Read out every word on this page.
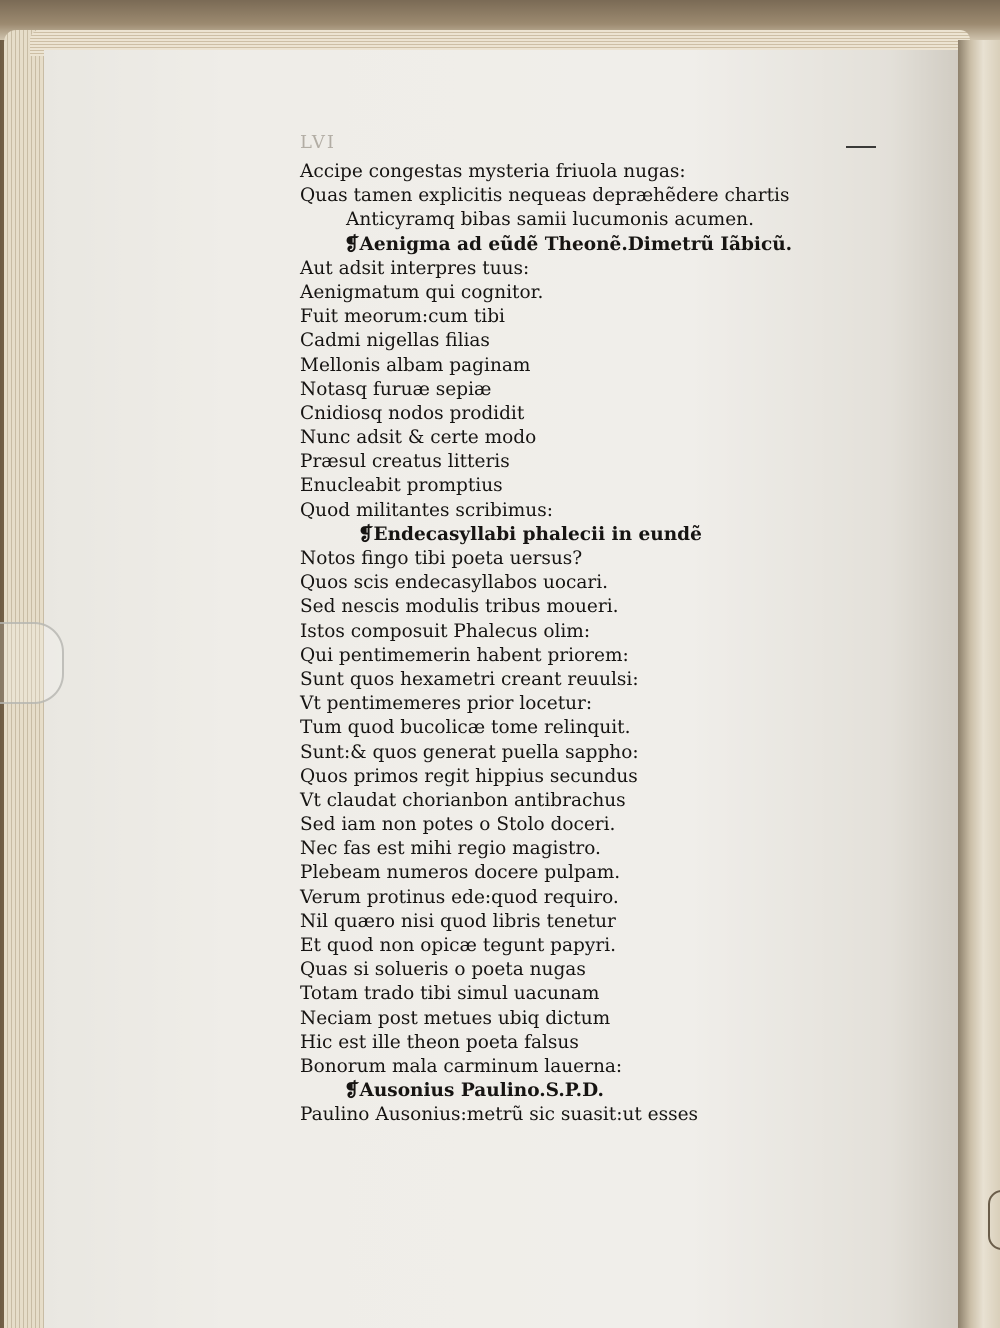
LVI
Accipe congestas mysteria friuola nugas:
Quas tamen explicitis nequeas depræhẽdere chartis
Anticyramq bibas samii lucumonis acumen.
❡Aenigma ad eũdẽ Theonẽ.Dimetrũ Iãbicũ.
Aut adsit interpres tuus:
Aenigmatum qui cognitor.
Fuit meorum:cum tibi
Cadmi nigellas filias
Mellonis albam paginam
Notasq furuæ sepiæ
Cnidiosq nodos prodidit
Nunc adsit & certe modo
Præsul creatus litteris
Enucleabit promptius
Quod militantes scribimus:
❡Endecasyllabi phalecii in eundẽ
Notos fingo tibi poeta uersus?
Quos scis endecasyllabos uocari.
Sed nescis modulis tribus moueri.
Istos composuit Phalecus olim:
Qui pentimemerin habent priorem:
Sunt quos hexametri creant reuulsi:
Vt pentimemeres prior locetur:
Tum quod bucolicæ tome relinquit.
Sunt:& quos generat puella sappho:
Quos primos regit hippius secundus
Vt claudat chorianbon antibrachus
Sed iam non potes o Stolo doceri.
Nec fas est mihi regio magistro.
Plebeam numeros docere pulpam.
Verum protinus ede:quod requiro.
Nil quæro nisi quod libris tenetur
Et quod non opicæ tegunt papyri.
Quas si solueris o poeta nugas
Totam trado tibi simul uacunam
Neciam post metues ubiq dictum
Hic est ille theon poeta falsus
Bonorum mala carminum lauerna:
❡Ausonius Paulino.S.P.D.
Paulino Ausonius:metrũ sic suasit:ut esses
